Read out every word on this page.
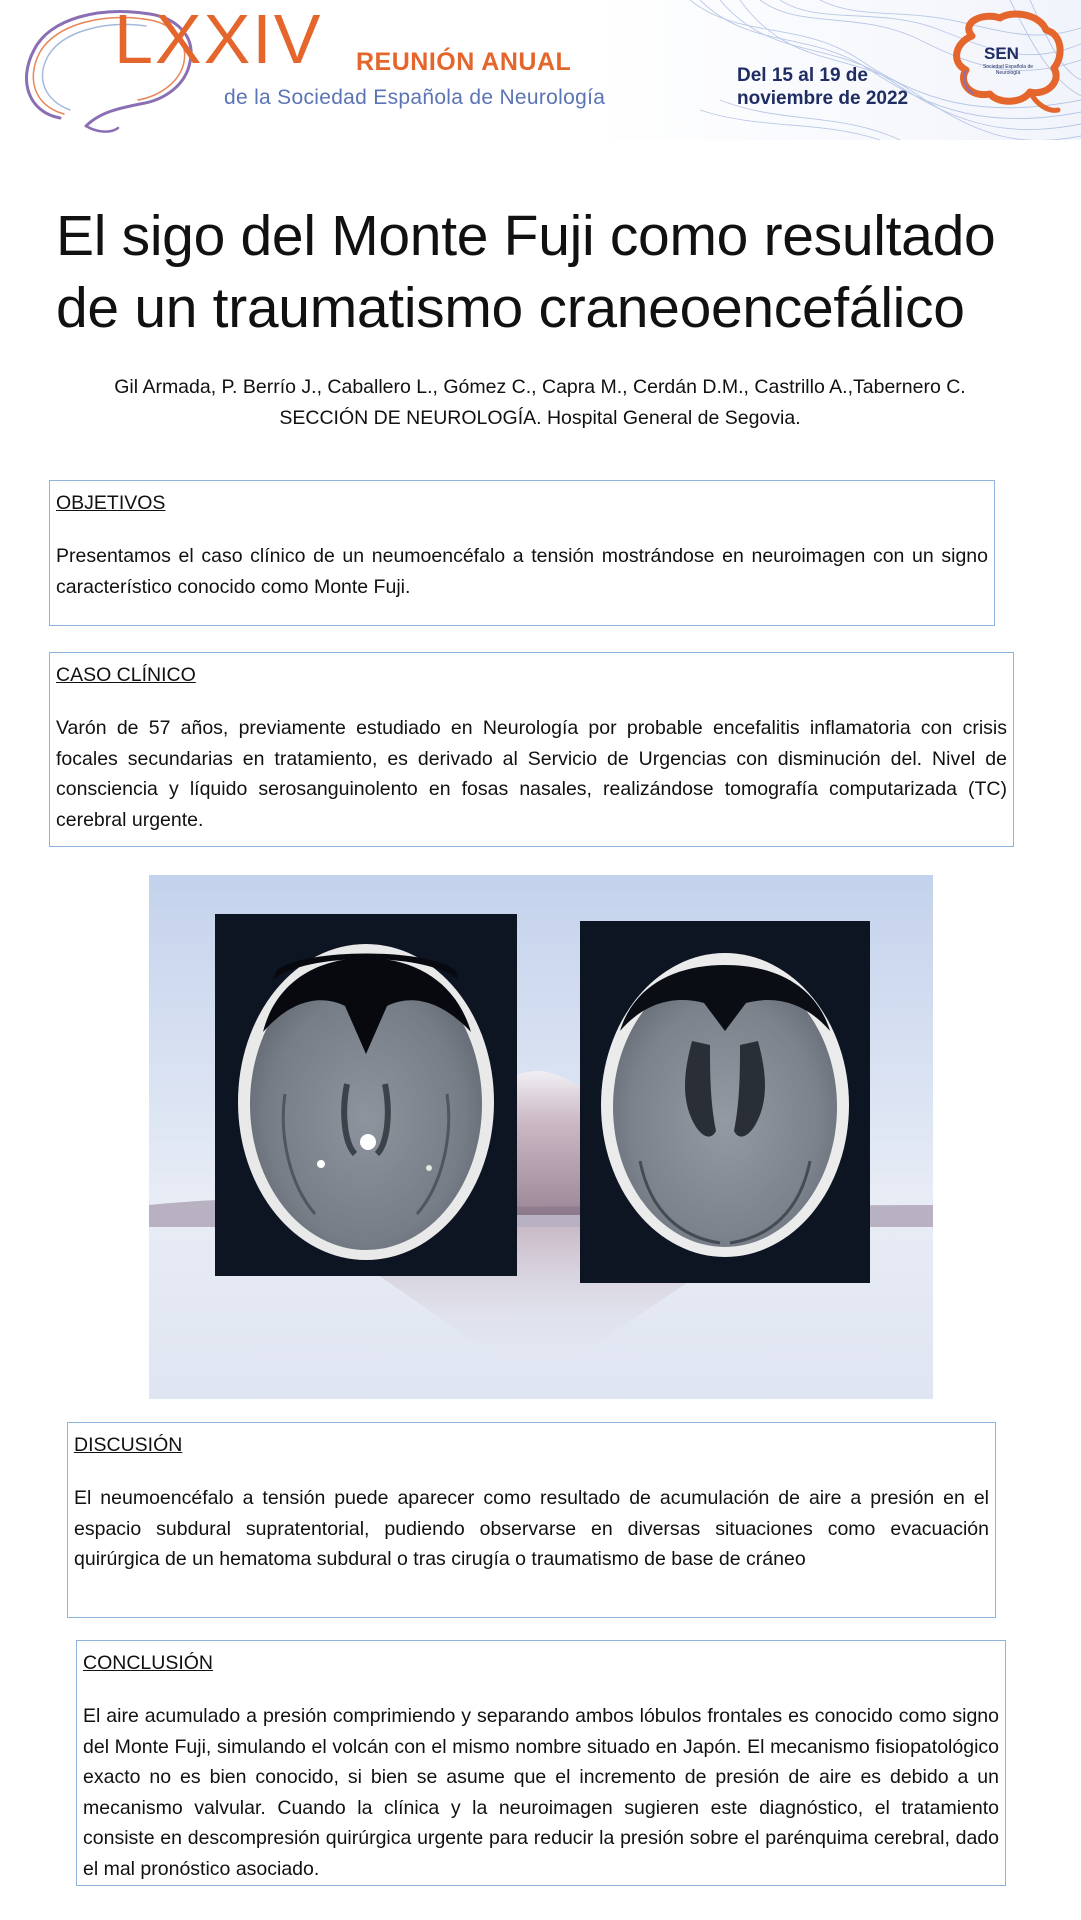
LXXIV REUNIÓN ANUAL
de la Sociedad Española de Neurología
Del 15 al 19 de
noviembre de 2022
SEN
Sociedad Española de Neurología
El sigo del Monte Fuji como resultado
de un traumatismo craneoencefálico
Gil Armada, P. Berrío J., Caballero L., Gómez C., Capra M., Cerdán D.M., Castrillo A.,Tabernero C.
SECCIÓN DE NEUROLOGÍA. Hospital General de Segovia.
OBJETIVOS
Presentamos el caso clínico de un neumoencéfalo a tensión mostrándose en neuroimagen con un signo característico conocido como Monte Fuji.
CASO CLÍNICO
Varón de 57 años, previamente estudiado en Neurología por probable encefalitis inflamatoria con crisis focales secundarias en tratamiento, es derivado al Servicio de Urgencias con disminución del. Nivel de consciencia y líquido serosanguinolento en fosas nasales, realizándose tomografía computarizada (TC) cerebral urgente.
DISCUSIÓN
El neumoencéfalo a tensión puede aparecer como resultado de acumulación de aire a presión en el espacio subdural supratentorial, pudiendo observarse en diversas situaciones como evacuación quirúrgica de un hematoma subdural o tras cirugía o traumatismo de base de cráneo
CONCLUSIÓN
El aire acumulado a presión comprimiendo y separando ambos lóbulos frontales es conocido como signo del Monte Fuji, simulando el volcán con el mismo nombre situado en Japón. El mecanismo fisiopatológico exacto no es bien conocido, si bien se asume que el incremento de presión de aire es debido a un mecanismo valvular. Cuando la clínica y la neuroimagen sugieren este diagnóstico, el tratamiento consiste en descompresión quirúrgica urgente para reducir la presión sobre el parénquima cerebral, dado el mal pronóstico asociado.
